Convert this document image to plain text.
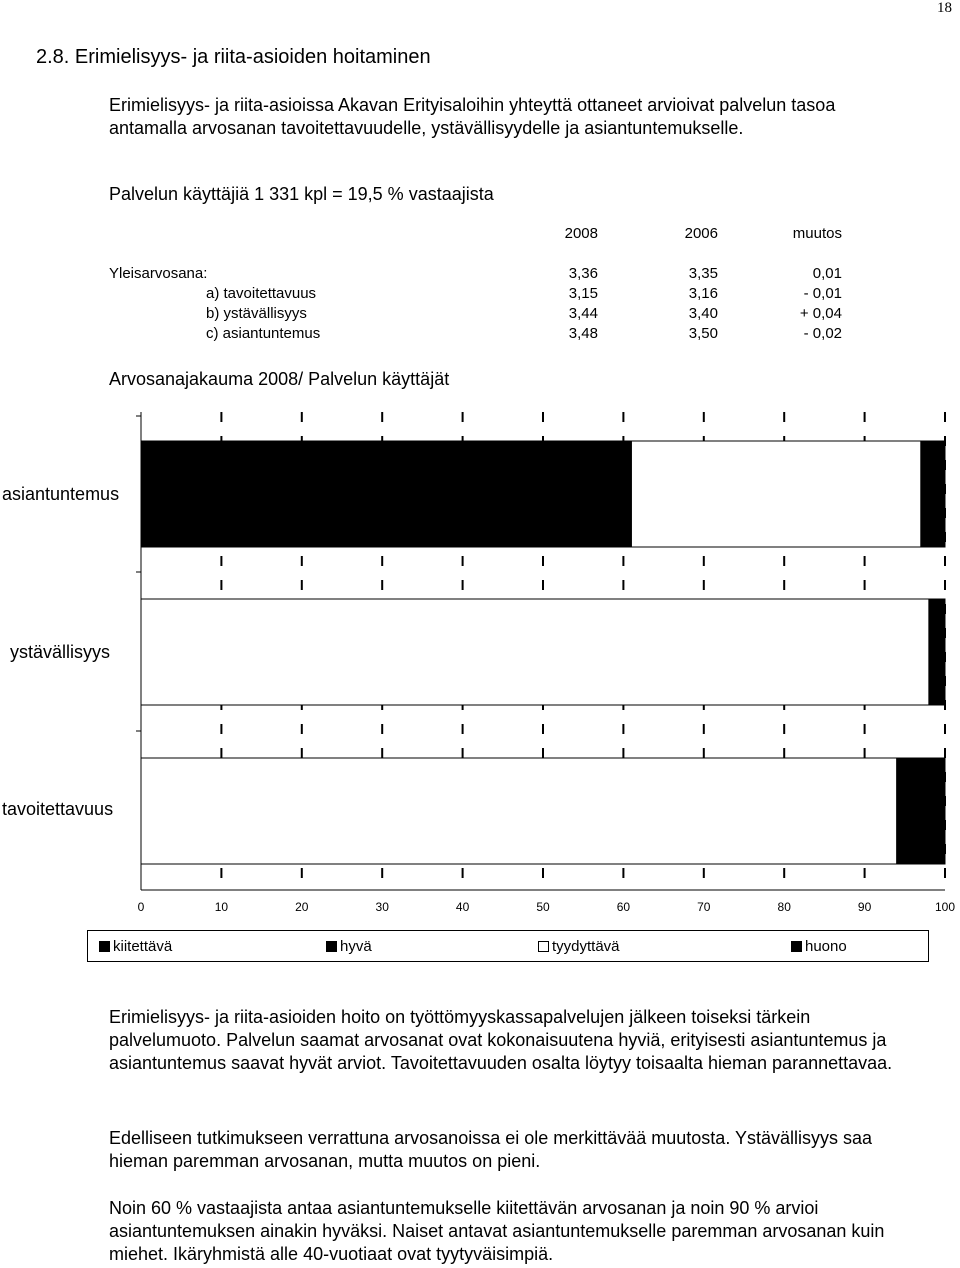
18
2.8. Erimielisyys- ja riita-asioiden hoitaminen

Erimielisyys- ja riita-asioissa Akavan Erityisaloihin yhteyttä ottaneet arvioivat palvelun tasoa antamalla arvosanan tavoitettavuudelle, ystävällisyydelle ja asiantuntemukselle.

Palvelun käyttäjiä 1 331 kpl = 19,5 % vastaajista
2008	2006	muutos
Yleisarvosana:	3,36	3,35	0,01
a) tavoitettavuus	3,15	3,16	- 0,01
b) ystävällisyys	3,44	3,40	+ 0,04
c) asiantuntemus	3,48	3,50	- 0,02
Arvosanajakauma 2008/ Palvelun käyttäjät
0	10	20	30	40	50	60	70	80	90	100
asiantuntemus
ystävällisyys
tavoitettavuus
kiitettävä	hyvä	tyydyttävä	huono

Erimielisyys- ja riita-asioiden hoito on työttömyyskassapalvelujen jälkeen toiseksi tärkein palvelumuoto. Palvelun saamat arvosanat ovat kokonaisuutena hyviä, erityisesti asiantuntemus ja asiantuntemus saavat hyvät arviot. Tavoitettavuuden osalta löytyy toisaalta hieman parannettavaa.

Edelliseen tutkimukseen verrattuna arvosanoissa ei ole merkittävää muutosta. Ystävällisyys saa hieman paremman arvosanan, mutta muutos on pieni.

Noin 60 % vastaajista antaa asiantuntemukselle kiitettävän arvosanan ja noin 90 % arvioi asiantuntemuksen ainakin hyväksi. Naiset antavat asiantuntemukselle paremman arvosanan kuin miehet. Ikäryhmistä alle 40-vuotiaat ovat tyytyväisimpiä.
